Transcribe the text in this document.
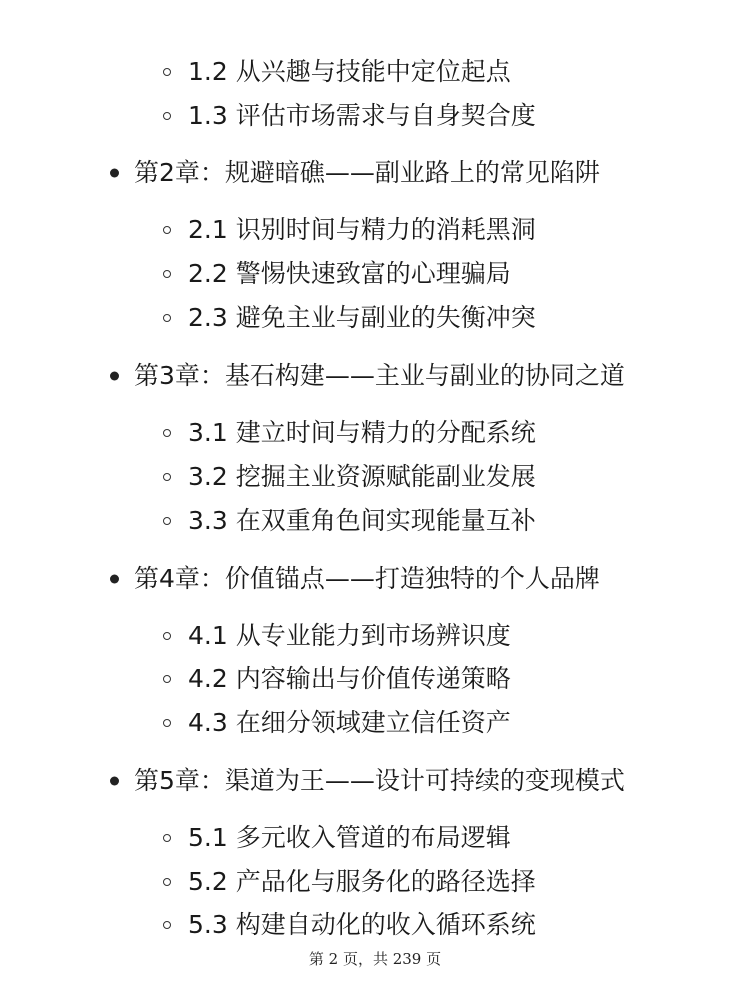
1.2 从兴趣与技能中定位起点
1.3 评估市场需求与自身契合度
第2章：规避暗礁——副业路上的常见陷阱
2.1 识别时间与精力的消耗黑洞
2.2 警惕快速致富的心理骗局
2.3 避免主业与副业的失衡冲突
第3章：基石构建——主业与副业的协同之道
3.1 建立时间与精力的分配系统
3.2 挖掘主业资源赋能副业发展
3.3 在双重角色间实现能量互补
第4章：价值锚点——打造独特的个人品牌
4.1 从专业能力到市场辨识度
4.2 内容输出与价值传递策略
4.3 在细分领域建立信任资产
第5章：渠道为王——设计可持续的变现模式
5.1 多元收入管道的布局逻辑
5.2 产品化与服务化的路径选择
5.3 构建自动化的收入循环系统
第 2 页，共 239 页
